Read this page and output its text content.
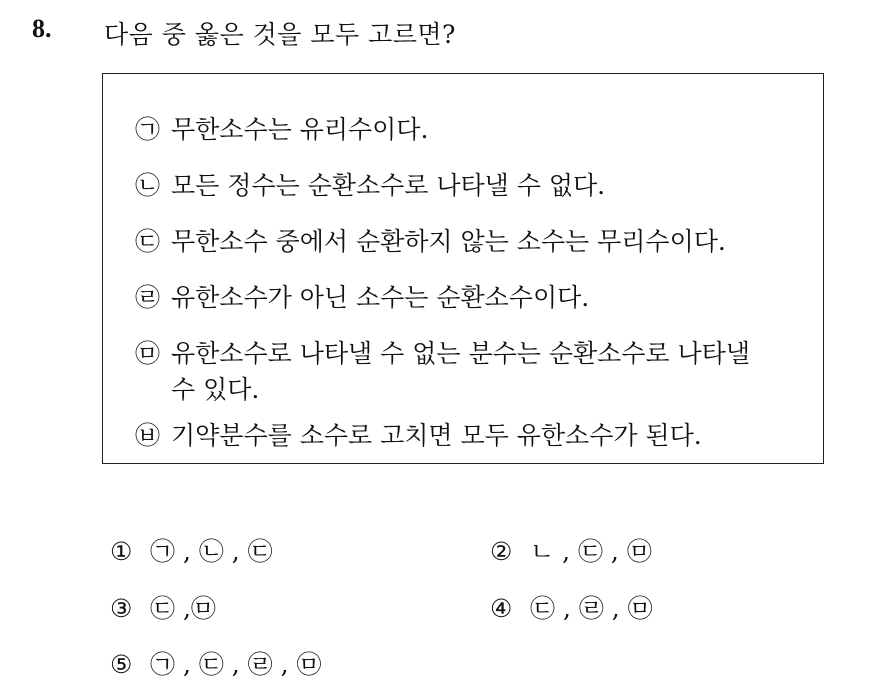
8. 다음 중 옳은 것을 모두 고르면?
㉠ 무한소수는 유리수이다.
㉡ 모든 정수는 순환소수로 나타낼 수 없다.
㉢ 무한소수 중에서 순환하지 않는 소수는 무리수이다.
㉣ 유한소수가 아닌 소수는 순환소수이다.
㉤ 유한소수로 나타낼 수 없는 분수는 순환소수로 나타낼
수 있다.
㉥ 기약분수를 소수로 고치면 모두 유한소수가 된다.
① ㉠ , ㉡ , ㉢	② ㄴ , ㉢ , ㉤
③ ㉢ ,㉤	④ ㉢ , ㉣ , ㉤
⑤ ㉠ , ㉢ , ㉣ , ㉤
